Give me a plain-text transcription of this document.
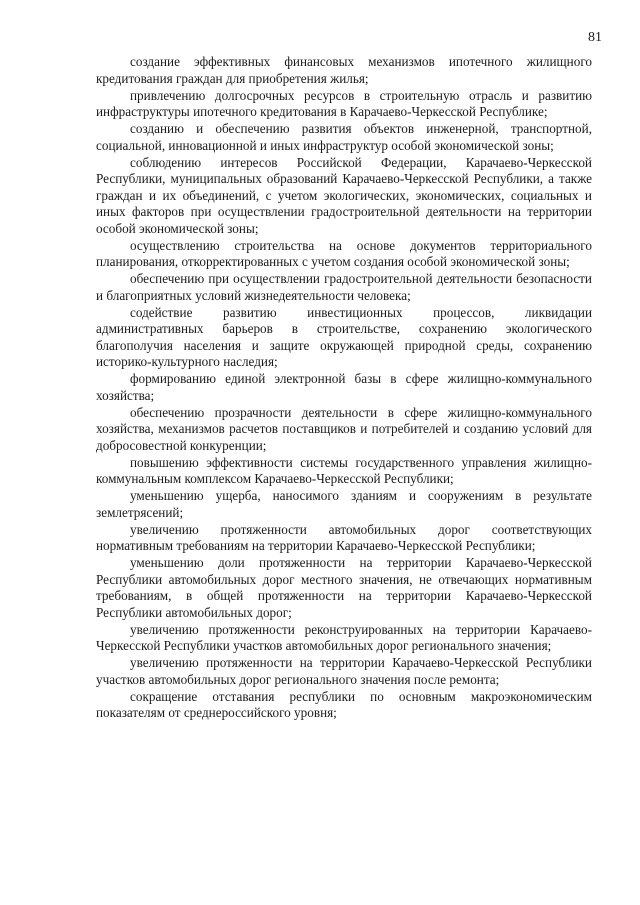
81

создание эффективных финансовых механизмов ипотечного жилищного кредитования граждан для приобретения жилья;

привлечению долгосрочных ресурсов в строительную отрасль и развитию инфраструктуры ипотечного кредитования в Карачаево-Черкесской Республике;

созданию и обеспечению развития объектов инженерной, транспортной, социальной, инновационной и иных инфраструктур особой экономической зоны;

соблюдению интересов Российской Федерации, Карачаево-Черкесской Республики, муниципальных образований Карачаево-Черкесской Республики, а также граждан и их объединений, с учетом экологических, экономических, социальных и иных факторов при осуществлении градостроительной деятельности на территории особой экономической зоны;

осуществлению строительства на основе документов территориального планирования, откорректированных с учетом создания особой экономической зоны;

обеспечению при осуществлении градостроительной деятельности безопасности и благоприятных условий жизнедеятельности человека;

содействие развитию инвестиционных процессов, ликвидации административных барьеров в строительстве, сохранению экологического благополучия населения и защите окружающей природной среды, сохранению историко-культурного наследия;

формированию единой электронной базы в сфере жилищно-коммунального хозяйства;

обеспечению прозрачности деятельности в сфере жилищно-коммунального хозяйства, механизмов расчетов поставщиков и потребителей и созданию условий для добросовестной конкуренции;

повышению эффективности системы государственного управления жилищно-коммунальным комплексом Карачаево-Черкесской Республики;

уменьшению ущерба, наносимого зданиям и сооружениям в результате землетрясений;

увеличению протяженности автомобильных дорог соответствующих нормативным требованиям на территории Карачаево-Черкесской Республики;

уменьшению доли протяженности на территории Карачаево-Черкесской Республики автомобильных дорог местного значения, не отвечающих нормативным требованиям, в общей протяженности на территории Карачаево-Черкесской Республики автомобильных дорог;

увеличению протяженности реконструированных на территории Карачаево-Черкесской Республики участков автомобильных дорог регионального значения;

увеличению протяженности на территории Карачаево-Черкесской Республики участков автомобильных дорог регионального значения после ремонта;

сокращение отставания республики по основным макроэкономическим показателям от среднероссийского уровня;
